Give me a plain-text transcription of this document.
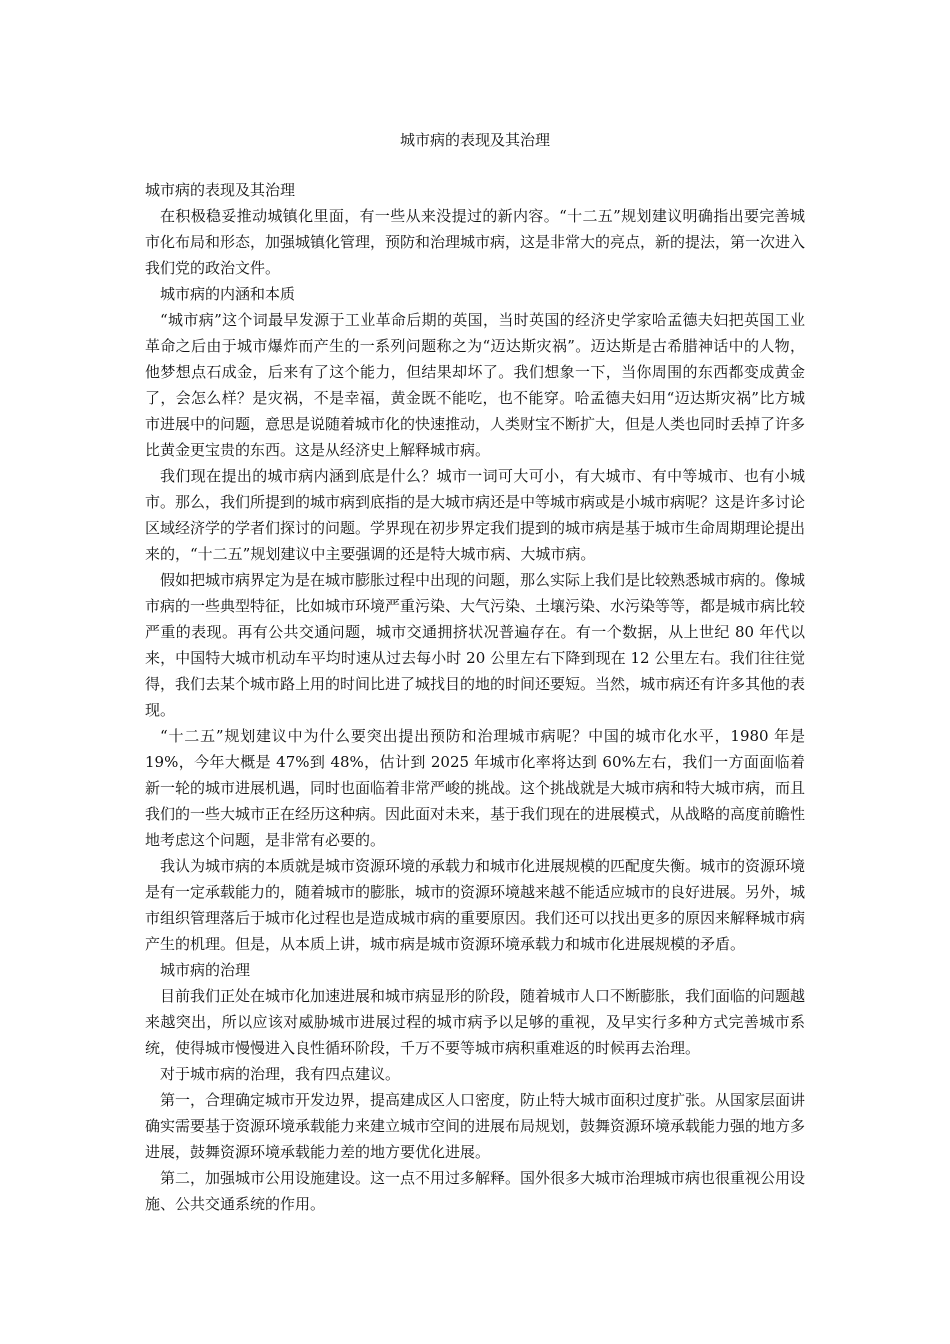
城市病的表现及其治理

城市病的表现及其治理

在积极稳妥推动城镇化里面，有一些从来没提过的新内容。“十二五”规划建议明确指出要完善城市化布局和形态，加强城镇化管理，预防和治理城市病，这是非常大的亮点，新的提法，第一次进入我们党的政治文件。

城市病的内涵和本质

“城市病”这个词最早发源于工业革命后期的英国，当时英国的经济史学家哈孟德夫妇把英国工业革命之后由于城市爆炸而产生的一系列问题称之为“迈达斯灾祸”。迈达斯是古希腊神话中的人物，他梦想点石成金，后来有了这个能力，但结果却坏了。我们想象一下，当你周围的东西都变成黄金了，会怎么样？是灾祸，不是幸福，黄金既不能吃，也不能穿。哈孟德夫妇用“迈达斯灾祸”比方城市进展中的问题，意思是说随着城市化的快速推动，人类财宝不断扩大，但是人类也同时丢掉了许多比黄金更宝贵的东西。这是从经济史上解释城市病。

我们现在提出的城市病内涵到底是什么？城市一词可大可小，有大城市、有中等城市、也有小城市。那么，我们所提到的城市病到底指的是大城市病还是中等城市病或是小城市病呢？这是许多讨论区域经济学的学者们探讨的问题。学界现在初步界定我们提到的城市病是基于城市生命周期理论提出来的，“十二五”规划建议中主要强调的还是特大城市病、大城市病。

假如把城市病界定为是在城市膨胀过程中出现的问题，那么实际上我们是比较熟悉城市病的。像城市病的一些典型特征，比如城市环境严重污染、大气污染、土壤污染、水污染等等，都是城市病比较严重的表现。再有公共交通问题，城市交通拥挤状况普遍存在。有一个数据，从上世纪 80 年代以来，中国特大城市机动车平均时速从过去每小时 20 公里左右下降到现在 12 公里左右。我们往往觉得，我们去某个城市路上用的时间比进了城找目的地的时间还要短。当然，城市病还有许多其他的表现。

“十二五”规划建议中为什么要突出提出预防和治理城市病呢？中国的城市化水平，1980 年是 19%，今年大概是 47%到 48%，估计到 2025 年城市化率将达到 60%左右，我们一方面面临着新一轮的城市进展机遇，同时也面临着非常严峻的挑战。这个挑战就是大城市病和特大城市病，而且我们的一些大城市正在经历这种病。因此面对未来，基于我们现在的进展模式，从战略的高度前瞻性地考虑这个问题，是非常有必要的。

我认为城市病的本质就是城市资源环境的承载力和城市化进展规模的匹配度失衡。城市的资源环境是有一定承载能力的，随着城市的膨胀，城市的资源环境越来越不能适应城市的良好进展。另外，城市组织管理落后于城市化过程也是造成城市病的重要原因。我们还可以找出更多的原因来解释城市病产生的机理。但是，从本质上讲，城市病是城市资源环境承载力和城市化进展规模的矛盾。

城市病的治理

目前我们正处在城市化加速进展和城市病显形的阶段，随着城市人口不断膨胀，我们面临的问题越来越突出，所以应该对威胁城市进展过程的城市病予以足够的重视，及早实行多种方式完善城市系统，使得城市慢慢进入良性循环阶段，千万不要等城市病积重难返的时候再去治理。

对于城市病的治理，我有四点建议。

第一，合理确定城市开发边界，提高建成区人口密度，防止特大城市面积过度扩张。从国家层面讲确实需要基于资源环境承载能力来建立城市空间的进展布局规划，鼓舞资源环境承载能力强的地方多进展，鼓舞资源环境承载能力差的地方要优化进展。

第二，加强城市公用设施建设。这一点不用过多解释。国外很多大城市治理城市病也很重视公用设施、公共交通系统的作用。
